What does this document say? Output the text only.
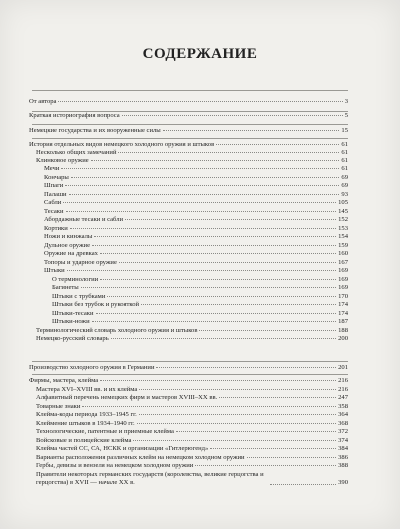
СОДЕРЖАНИЕ
От автора	3
Краткая историография вопроса	5
Немецкие государства и их вооруженные силы	15
История отдельных видов немецкого холодного оружия и штыков	61
Несколько общих замечаний	61
Клинковое оружие	61
Мечи	61
Кончары	69
Шпаги	69
Палаши	93
Сабли	105
Тесаки	145
Абордажные тесаки и сабли	152
Кортики	153
Ножи и кинжалы	154
Дульное оружие	159
Оружие на древках	160
Топоры и ударное оружие	167
Штыки	169
О терминологии	169
Багинеты	169
Штыки с трубками	170
Штыки без трубок и рукояткой	174
Штыки-тесаки	174
Штыки-ножи	187
Терминологический словарь холодного оружия и штыков	188
Немецко-русский словарь	200
Производство холодного оружия в Германии	201
Фирмы, мастера, клейма	216
Мастера XVI–XVIII вв. и их клейма	216
Алфавитный перечень немецких фирм и мастеров XVIII–XX вв.	247
Товарные знаки	358
Клейма-коды периода 1933–1945 гг.	364
Клеймение штыков в 1934–1940 гг.	368
Технологические, патентные и приемные клейма	372
Войсковые и полицейские клейма	374
Клейма частей СС, СА, НСКК и организации «Гитлерюгенд»	384
Варианты расположения различных клейм на немецком холодном оружии	386
Гербы, девизы и вензеля на немецком холодном оружии	388
Правители некоторых германских государств (королевства, великие герцогства и герцогства) в XVII — начале XX в.	390
